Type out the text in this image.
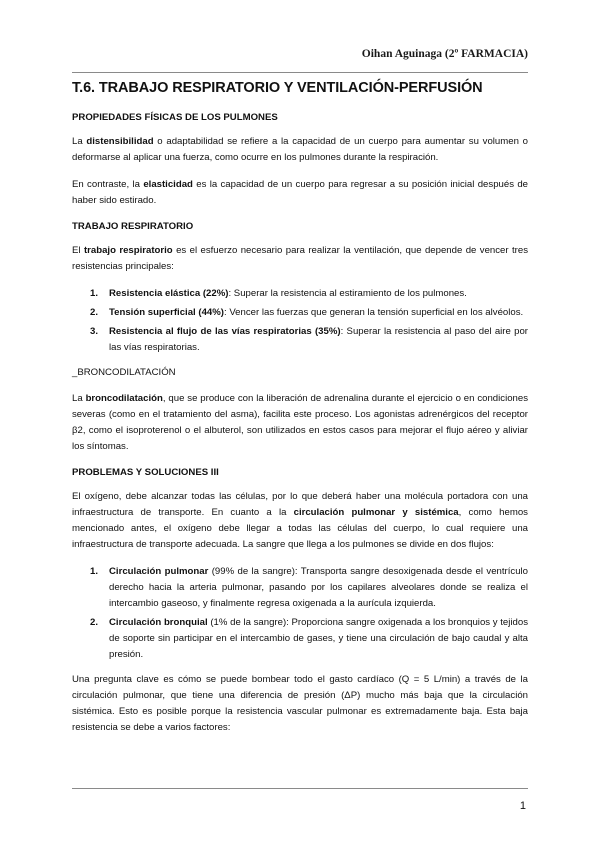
Oihan Aguinaga (2º FARMACIA)
T.6. TRABAJO RESPIRATORIO Y VENTILACIÓN-PERFUSIÓN
PROPIEDADES FÍSICAS DE LOS PULMONES

La distensibilidad o adaptabilidad se refiere a la capacidad de un cuerpo para aumentar su volumen o deformarse al aplicar una fuerza, como ocurre en los pulmones durante la respiración.

En contraste, la elasticidad es la capacidad de un cuerpo para regresar a su posición inicial después de haber sido estirado.

TRABAJO RESPIRATORIO

El trabajo respiratorio es el esfuerzo necesario para realizar la ventilación, que depende de vencer tres resistencias principales:

1. Resistencia elástica (22%): Superar la resistencia al estiramiento de los pulmones.
2. Tensión superficial (44%): Vencer las fuerzas que generan la tensión superficial en los alvéolos.
3. Resistencia al flujo de las vías respiratorias (35%): Superar la resistencia al paso del aire por las vías respiratorias.
_BRONCODILATACIÓN

La broncodilatación, que se produce con la liberación de adrenalina durante el ejercicio o en condiciones severas (como en el tratamiento del asma), facilita este proceso. Los agonistas adrenérgicos del receptor β2, como el isoproterenol o el albuterol, son utilizados en estos casos para mejorar el flujo aéreo y aliviar los síntomas.

PROBLEMAS Y SOLUCIONES III

El oxígeno, debe alcanzar todas las células, por lo que deberá haber una molécula portadora con una infraestructura de transporte. En cuanto a la circulación pulmonar y sistémica, como hemos mencionado antes, el oxígeno debe llegar a todas las células del cuerpo, lo cual requiere una infraestructura de transporte adecuada. La sangre que llega a los pulmones se divide en dos flujos:

1. Circulación pulmonar (99% de la sangre): Transporta sangre desoxigenada desde el ventrículo derecho hacia la arteria pulmonar, pasando por los capilares alveolares donde se realiza el intercambio gaseoso, y finalmente regresa oxigenada a la aurícula izquierda.
2. Circulación bronquial (1% de la sangre): Proporciona sangre oxigenada a los bronquios y tejidos de soporte sin participar en el intercambio de gases, y tiene una circulación de bajo caudal y alta presión.

Una pregunta clave es cómo se puede bombear todo el gasto cardíaco (Q = 5 L/min) a través de la circulación pulmonar, que tiene una diferencia de presión (ΔP) mucho más baja que la circulación sistémica. Esto es posible porque la resistencia vascular pulmonar es extremadamente baja. Esta baja resistencia se debe a varios factores:

1
